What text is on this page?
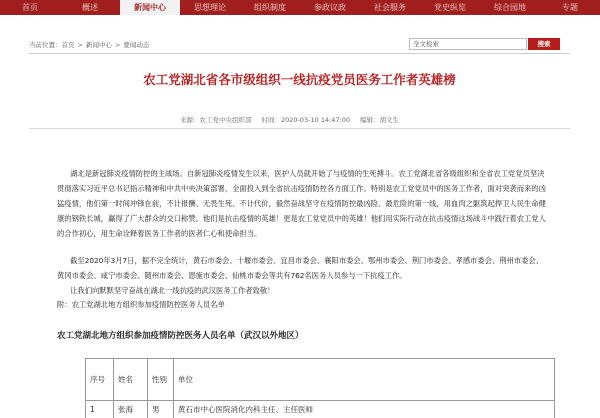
首页	概述	新闻中心	思想理论	组织制度	参政议政	社会服务	党史纵览	综合园地	专题
当前位置： 首页 > 新闻中心 > 要闻动态	全文检索	搜索
农工党湖北省各市级组织一线抗疫党员医务工作者英雄榜
来源：农工党中央组织部 时间：2020-03-10 14:47:00 编辑：胡文生

湖北是新冠肺炎疫情防控的主战场。自新冠肺炎疫情发生以来，医护人员就开始了与疫情的生死搏斗。农工党湖北省各级组织和全省农工党党员坚决贯彻落实习近平总书记指示精神和中共中央决策部署，全面投入到全省抗击疫情防控各方面工作。特别是农工党党员中的医务工作者，面对突袭而来的凶猛疫情，他们第一时间冲锋在前，不计报酬、无畏生死、不计代价，毅然奋战坚守在疫情防控最凶险、最危险的第一线，用血肉之躯筑起捍卫人民生命健康的钢铁长城，赢得了广大群众的交口称赞。他们是抗击疫情的英雄！更是农工党党员中的英雄！他们用实际行动在抗击疫情这场战斗中践行着农工党人的合作初心，用生命诠释着医务工作者的医者仁心和使命担当。

截至2020年3月7日，据不完全统计，黄石市委会、十堰市委会、宜昌市委会、襄阳市委会、鄂州市委会、荆门市委会、孝感市委会、荆州市委会、黄冈市委会、咸宁市委会、随州市委会、恩施市委会、仙桃市委会等共有762名医务人员参与一下抗疫工作。

让我们向默默坚守奋战在湖北一线抗疫的武汉医务工作者致敬！

附：农工党湖北地方组织参加疫情防控医务人员名单

农工党湖北地方组织参加疫情防控医务人员名单（武汉以外地区）
序号	姓名	性别	单位
1	张海	男	黄石市中心医院消化内科主任、主任医师
